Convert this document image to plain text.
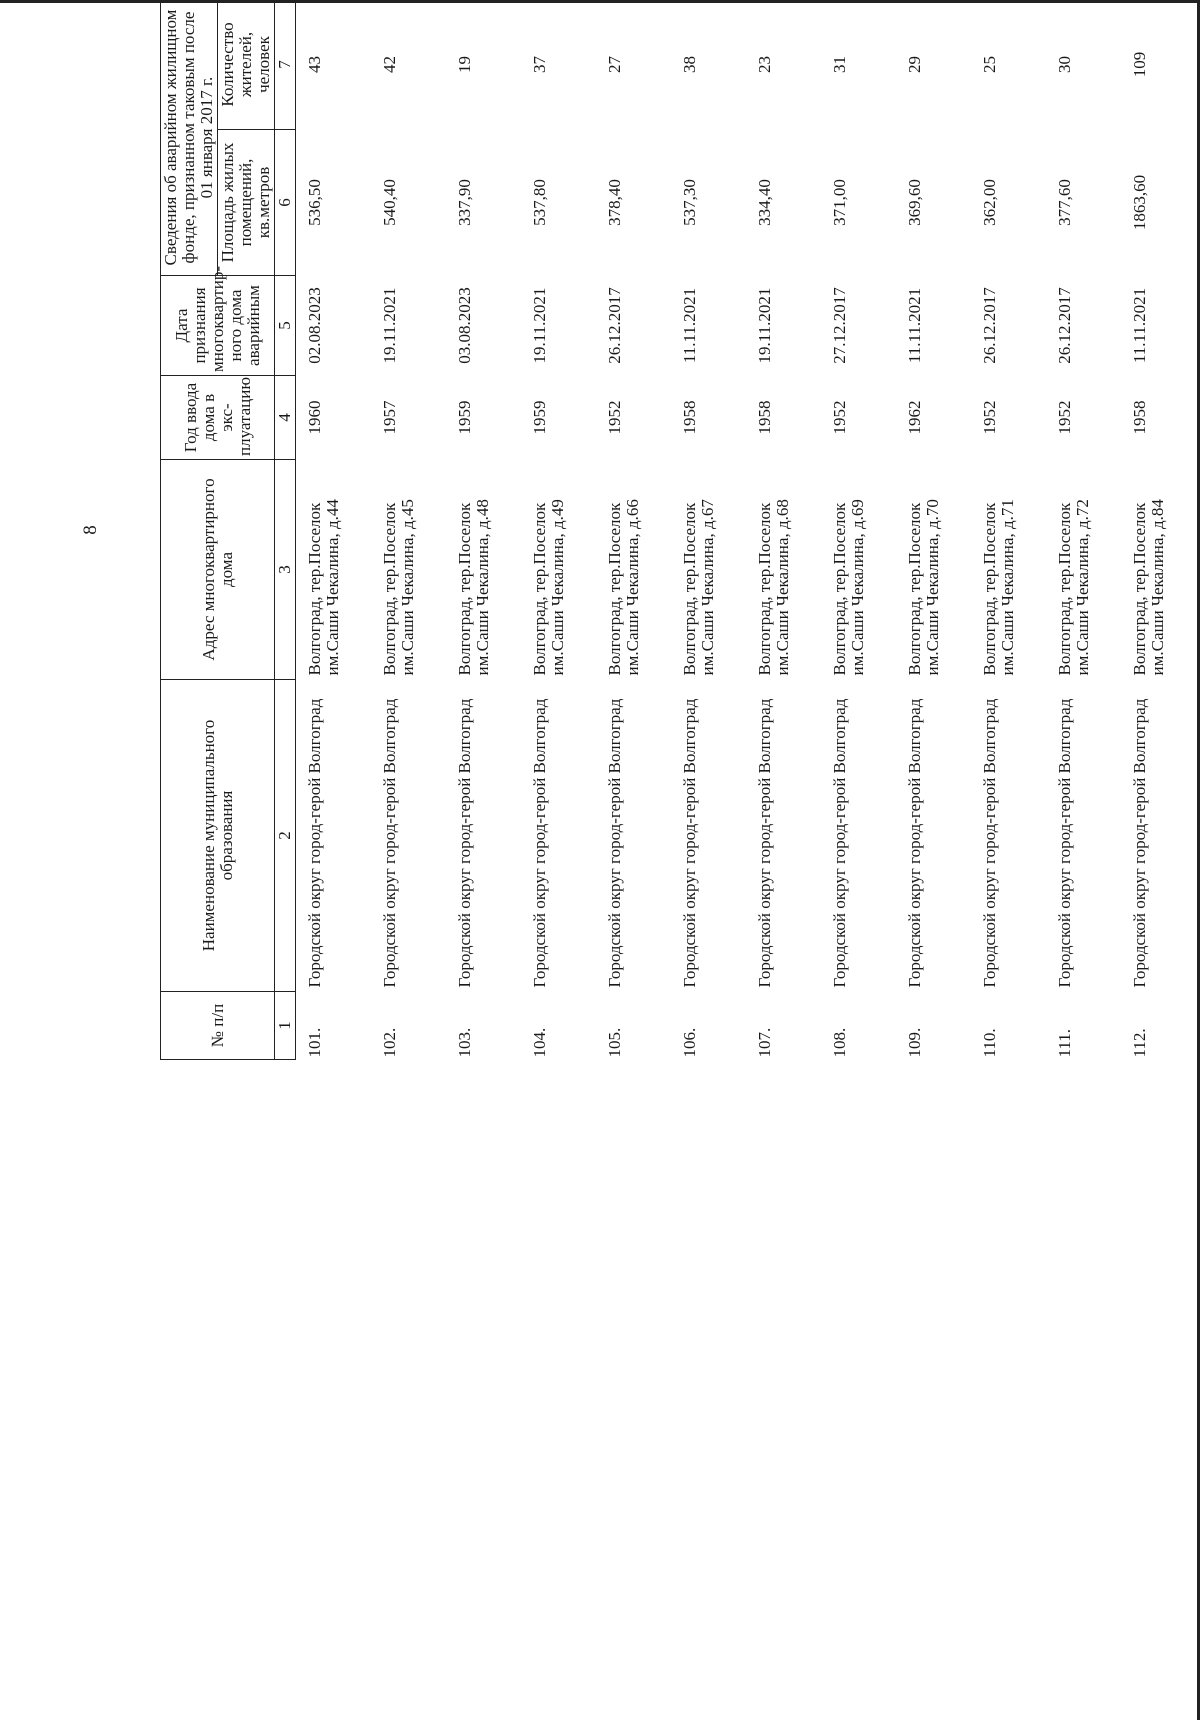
8
№ п/п	Наименование муниципального образования	Адрес многоквартирного дома	Год ввода дома в экс-плуатацию	Дата признания многоквартир-ного дома аварийным	Сведения об аварийном жилищном фонде, признанном таковым после 01 января 2017 г.	
					Площадь жилых помещений, кв.метров	Количество жителей, человек
1	2	3	4	5	6	7
101.	Городской округ город-герой Волгоград	Волгоград, тер.Поселок им.Саши Чекалина, д.44	1960	02.08.2023	536,50	43
102.	Городской округ город-герой Волгоград	Волгоград, тер.Поселок им.Саши Чекалина, д.45	1957	19.11.2021	540,40	42
103.	Городской округ город-герой Волгоград	Волгоград, тер.Поселок им.Саши Чекалина, д.48	1959	03.08.2023	337,90	19
104.	Городской округ город-герой Волгоград	Волгоград, тер.Поселок им.Саши Чекалина, д.49	1959	19.11.2021	537,80	37
105.	Городской округ город-герой Волгоград	Волгоград, тер.Поселок им.Саши Чекалина, д.66	1952	26.12.2017	378,40	27
106.	Городской округ город-герой Волгоград	Волгоград, тер.Поселок им.Саши Чекалина, д.67	1958	11.11.2021	537,30	38
107.	Городской округ город-герой Волгоград	Волгоград, тер.Поселок им.Саши Чекалина, д.68	1958	19.11.2021	334,40	23
108.	Городской округ город-герой Волгоград	Волгоград, тер.Поселок им.Саши Чекалина, д.69	1952	27.12.2017	371,00	31
109.	Городской округ город-герой Волгоград	Волгоград, тер.Поселок им.Саши Чекалина, д.70	1962	11.11.2021	369,60	29
110.	Городской округ город-герой Волгоград	Волгоград, тер.Поселок им.Саши Чекалина, д.71	1952	26.12.2017	362,00	25
111.	Городской округ город-герой Волгоград	Волгоград, тер.Поселок им.Саши Чекалина, д.72	1952	26.12.2017	377,60	30
112.	Городской округ город-герой Волгоград	Волгоград, тер.Поселок им.Саши Чекалина, д.84	1958	11.11.2021	1863,60	109
